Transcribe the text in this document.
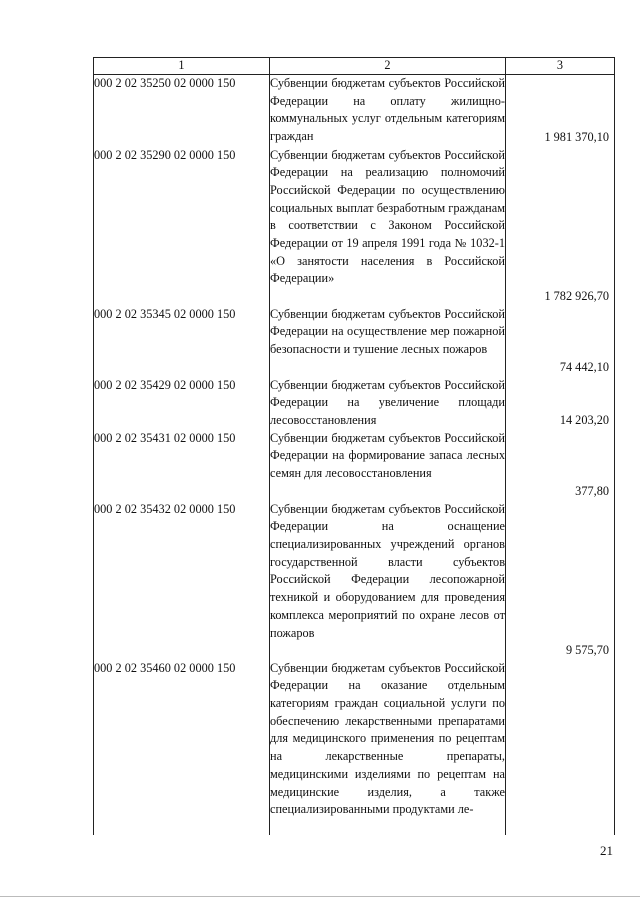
1	2	3
000 2 02 35250 02 0000 150	Субвенции бюджетам субъектов Российской Федерации на оплату жилищно-коммунальных услуг отдельным категориям граждан	1 981 370,10
000 2 02 35290 02 0000 150	Субвенции бюджетам субъектов Российской Федерации на реализацию полномочий Российской Федерации по осуществлению социальных выплат безработным гражданам в соответствии с Законом Российской Федерации от 19 апреля 1991 года № 1032-1 «О занятости населения в Российской Федерации»	1 782 926,70
000 2 02 35345 02 0000 150	Субвенции бюджетам субъектов Российской Федерации на осуществление мер пожарной безопасности и тушение лесных пожаров	74 442,10
000 2 02 35429 02 0000 150	Субвенции бюджетам субъектов Российской Федерации на увеличение площади лесовосстановления	14 203,20
000 2 02 35431 02 0000 150	Субвенции бюджетам субъектов Российской Федерации на формирование запаса лесных семян для лесовосстановления	377,80
000 2 02 35432 02 0000 150	Субвенции бюджетам субъектов Российской Федерации на оснащение специализированных учреждений органов государственной власти субъектов Российской Федерации лесопожарной техникой и оборудованием для проведения комплекса мероприятий по охране лесов от пожаров	9 575,70
000 2 02 35460 02 0000 150	Субвенции бюджетам субъектов Российской Федерации на оказание отдельным категориям граждан социальной услуги по обеспечению лекарственными препаратами для медицинского применения по рецептам на лекарственные препараты, медицинскими изделиями по рецептам на медицинские изделия, а также специализированными продуктами ле-	
21
